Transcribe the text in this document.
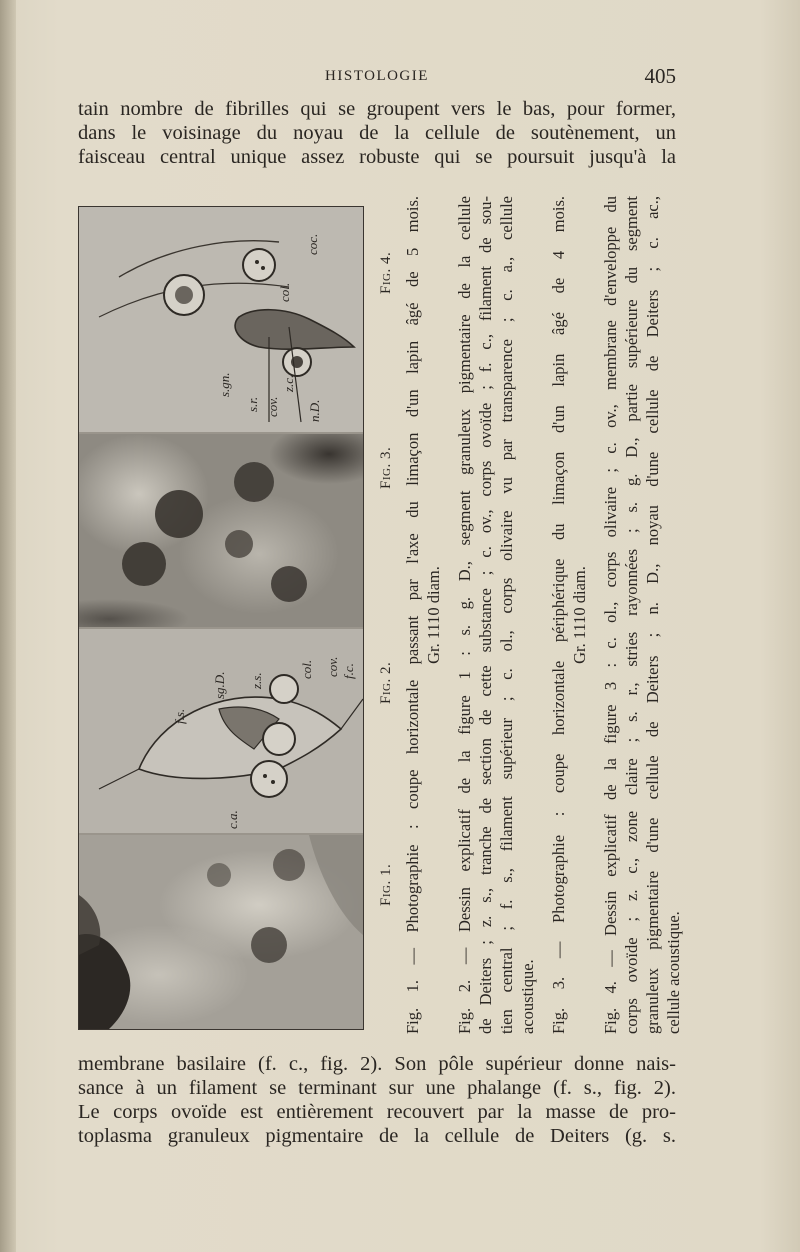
HISTOLOGIE	405
tain nombre de fibrilles qui se groupent vers le bas, pour former,
dans le voisinage du noyau de la cellule de soutènement, un
faisceau central unique assez robuste qui se poursuit jusqu'à la
s.gn.
s.r. cov.
z.c.
n.D.
col.
coc.
f.s.
sg.D. z.s.
col. cov. f.c.
c.a.
Fig. 1.
Fig. 2.
Fig. 3.
Fig. 4. Fig. 1. — Photographie : coupe horizontale passant par l'axe du limaçon d'un lapin âgé de 5 mois. Gr. 1110 diam. Fig. 2. — Dessin explicatif de la figure 1 : s. g. D., segment granuleux pigmentaire de la cellule de Deiters ; z. s., tranche de section de cette substance ; c. ov., corps ovoïde ; f. c., filament de sou- tien central ; f. s., filament supérieur ; c. ol., corps olivaire vu par transparence ; c. a., cellule acoustique. Fig. 3. — Photographie : coupe horizontale périphérique du limaçon d'un lapin âgé de 4 mois. Gr. 1110 diam. Fig. 4. — Dessin explicatif de la figure 3 : c. ol., corps olivaire ; c. ov., membrane d'enveloppe du corps ovoïde ; z. c., zone claire ; s. r., stries rayonnées ; s. g. D., partie supérieure du segment granuleux pigmentaire d'une cellule de Deiters ; n. D., noyau d'une cellule de Deiters ; c. ac., cellule acoustique.

membrane basilaire (f. c., fig. 2). Son pôle supérieur donne nais-
sance à un filament se terminant sur une phalange (f. s., fig. 2).
Le corps ovoïde est entièrement recouvert par la masse de pro-
toplasma granuleux pigmentaire de la cellule de Deiters (g. s.
